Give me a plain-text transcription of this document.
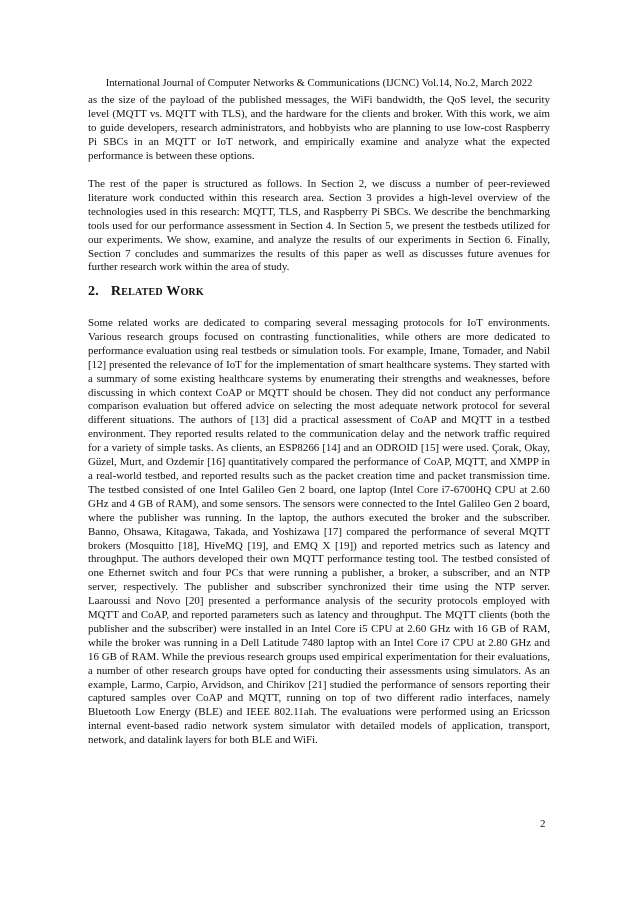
International Journal of Computer Networks & Communications (IJCNC) Vol.14, No.2, March 2022

as the size of the payload of the published messages, the WiFi bandwidth, the QoS level, the security level (MQTT vs. MQTT with TLS), and the hardware for the clients and broker. With this work, we aim to guide developers, research administrators, and hobbyists who are planning to use low-cost Raspberry Pi SBCs in an MQTT or IoT network, and empirically examine and analyze what the expected performance is between these options.

The rest of the paper is structured as follows. In Section 2, we discuss a number of peer-reviewed literature work conducted within this research area. Section 3 provides a high-level overview of the technologies used in this research: MQTT, TLS, and Raspberry Pi SBCs. We describe the benchmarking tools used for our performance assessment in Section 4. In Section 5, we present the testbeds utilized for our experiments. We show, examine, and analyze the results of our experiments in Section 6. Finally, Section 7 concludes and summarizes the results of this paper as well as discusses future avenues for further research work within the area of study.

2. Related Work

Some related works are dedicated to comparing several messaging protocols for IoT environments. Various research groups focused on contrasting functionalities, while others are more dedicated to performance evaluation using real testbeds or simulation tools. For example, Imane, Tomader, and Nabil [12] presented the relevance of IoT for the implementation of smart healthcare systems. They started with a summary of some existing healthcare systems by enumerating their strengths and weaknesses, before discussing in which context CoAP or MQTT should be chosen. They did not conduct any performance comparison evaluation but offered advice on selecting the most adequate network protocol for several different situations. The authors of [13] did a practical assessment of CoAP and MQTT in a testbed environment. They reported results related to the communication delay and the network traffic required for a variety of simple tasks. As clients, an ESP8266 [14] and an ODROID [15] were used. Çorak, Okay, Güzel, Murt, and Ozdemir [16] quantitatively compared the performance of CoAP, MQTT, and XMPP in a real-world testbed, and reported results such as the packet creation time and packet transmission time. The testbed consisted of one Intel Galileo Gen 2 board, one laptop (Intel Core i7-6700HQ CPU at 2.60 GHz and 4 GB of RAM), and some sensors. The sensors were connected to the Intel Galileo Gen 2 board, where the publisher was running. In the laptop, the authors executed the broker and the subscriber. Banno, Ohsawa, Kitagawa, Takada, and Yoshizawa [17] compared the performance of several MQTT brokers (Mosquitto [18], HiveMQ [19], and EMQ X [19]) and reported metrics such as latency and throughput. The authors developed their own MQTT performance testing tool. The testbed consisted of one Ethernet switch and four PCs that were running a publisher, a broker, a subscriber, and an NTP server, respectively. The publisher and subscriber synchronized their time using the NTP server. Laaroussi and Novo [20] presented a performance analysis of the security protocols employed with MQTT and CoAP, and reported parameters such as latency and throughput. The MQTT clients (both the publisher and the subscriber) were installed in an Intel Core i5 CPU at 2.60 GHz with 16 GB of RAM, while the broker was running in a Dell Latitude 7480 laptop with an Intel Core i7 CPU at 2.80 GHz and 16 GB of RAM. While the previous research groups used empirical experimentation for their evaluations, a number of other research groups have opted for conducting their assessments using simulators. As an example, Larmo, Carpio, Arvidson, and Chirikov [21] studied the performance of sensors reporting their captured samples over CoAP and MQTT, running on top of two different radio interfaces, namely Bluetooth Low Energy (BLE) and IEEE 802.11ah. The evaluations were performed using an Ericsson internal event-based radio network system simulator with detailed models of application, transport, network, and datalink layers for both BLE and WiFi.

2
